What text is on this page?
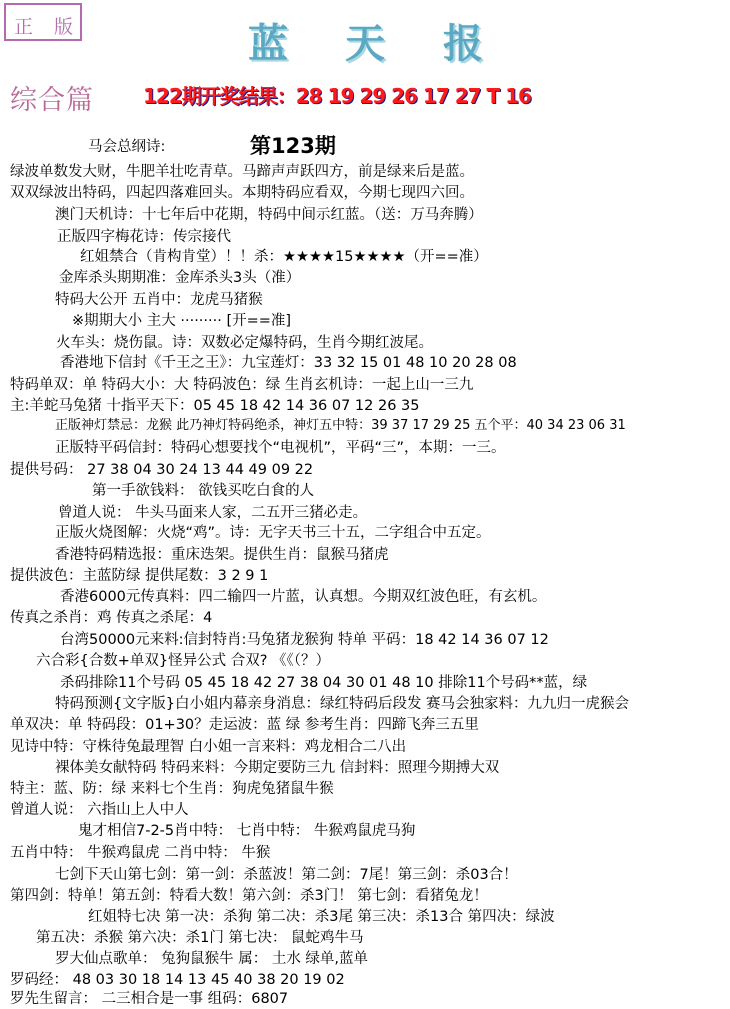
正 版	蓝 天 报
综合篇 122期开奖结果：28 19 29 26 17 27 T 16
第123期
马会总纲诗:
绿波单数发大财，牛肥羊壮吃青草。马蹄声声跃四方，前是绿来后是蓝。
双双绿波出特码，四起四落难回头。本期特码应看双，今期七现四六回。
澳门天机诗：十七年后中花期，特码中间示红蓝。（送：万马奔腾）
正版四字梅花诗：传宗接代
红姐禁合（肯构肯堂）！！杀：★★★★15★★★★（开==准）
金库杀头期期准：金库杀头3头（准）
特码大公开 五肖中：龙虎马猪猴
※期期大小 主大 ········· [开==准]
火车头：烧伤鼠。诗：双数必定爆特码，生肖今期红波尾。
香港地下信封《千王之王》：九宝莲灯：33 32 15 01 48 10 20 28 08
特码单双：单 特码大小：大 特码波色：绿 生肖玄机诗：一起上山一三九
主:羊蛇马兔猪 十指平天下：05 45 18 42 14 36 07 12 26 35
正版神灯禁忌：龙猴 此乃神灯特码绝杀，神灯五中特：39 37 17 29 25 五个平：40 34 23 06 31
正版特平码信封：特码心想要找个“电视机”，平码“三”，本期：一三。
提供号码： 27 38 04 30 24 13 44 49 09 22
第一手欲钱料： 欲钱买吃白食的人
曾道人说： 牛头马面来人家，二五开三猪必走。
正版火烧图解：火烧“鸡”。诗：无字天书三十五，二字组合中五定。
香港特码精选报：重床迭架。提供生肖：鼠猴马猪虎
提供波色：主蓝防绿 提供尾数：3 2 9 1
香港6000元传真料：四二输四一片蓝，认真想。今期双红波色旺，有玄机。
传真之杀肖：鸡 传真之杀尾：4
台湾50000元来料:信封特肖:马兔猪龙猴狗 特单 平码：18 42 14 36 07 12
六合彩{合数+单双}怪异公式 合双? 《《（？）
杀码排除11个号码 05 45 18 42 27 38 04 30 01 48 10 排除11个号码**蓝，绿
特码预测{文字版}白小姐内幕亲身消息：绿红特码后段发 赛马会独家料：九九归一虎猴会
单双决：单 特码段：01+30？走运波：蓝 绿 参考生肖：四蹄飞奔三五里
见诗中特：守株待兔最理智 白小姐一言来料：鸡龙相合二八出
裸体美女献特码 特码来料：今期定要防三九 信封料：照理今期搏大双
特主：蓝、防：绿 来料七个生肖：狗虎兔猪鼠牛猴
曾道人说： 六指山上人中人
鬼才相信7-2-5肖中特： 七肖中特： 牛猴鸡鼠虎马狗
五肖中特： 牛猴鸡鼠虎 二肖中特： 牛猴
七剑下天山第七剑：第一剑：杀蓝波！第二剑：7尾！第三剑：杀03合！
第四剑：特单！第五剑：特看大数！第六剑：杀3门！ 第七剑：看猪兔龙！
红姐特七决 第一决：杀狗 第二决：杀3尾 第三决：杀13合 第四决：绿波
第五决：杀猴 第六决：杀1门 第七决： 鼠蛇鸡牛马
罗大仙点歌单： 兔狗鼠猴牛 属： 土水 绿单,蓝单
罗码经： 48 03 30 18 14 13 45 40 38 20 19 02
罗先生留言： 二三相合是一事 组码：6807
